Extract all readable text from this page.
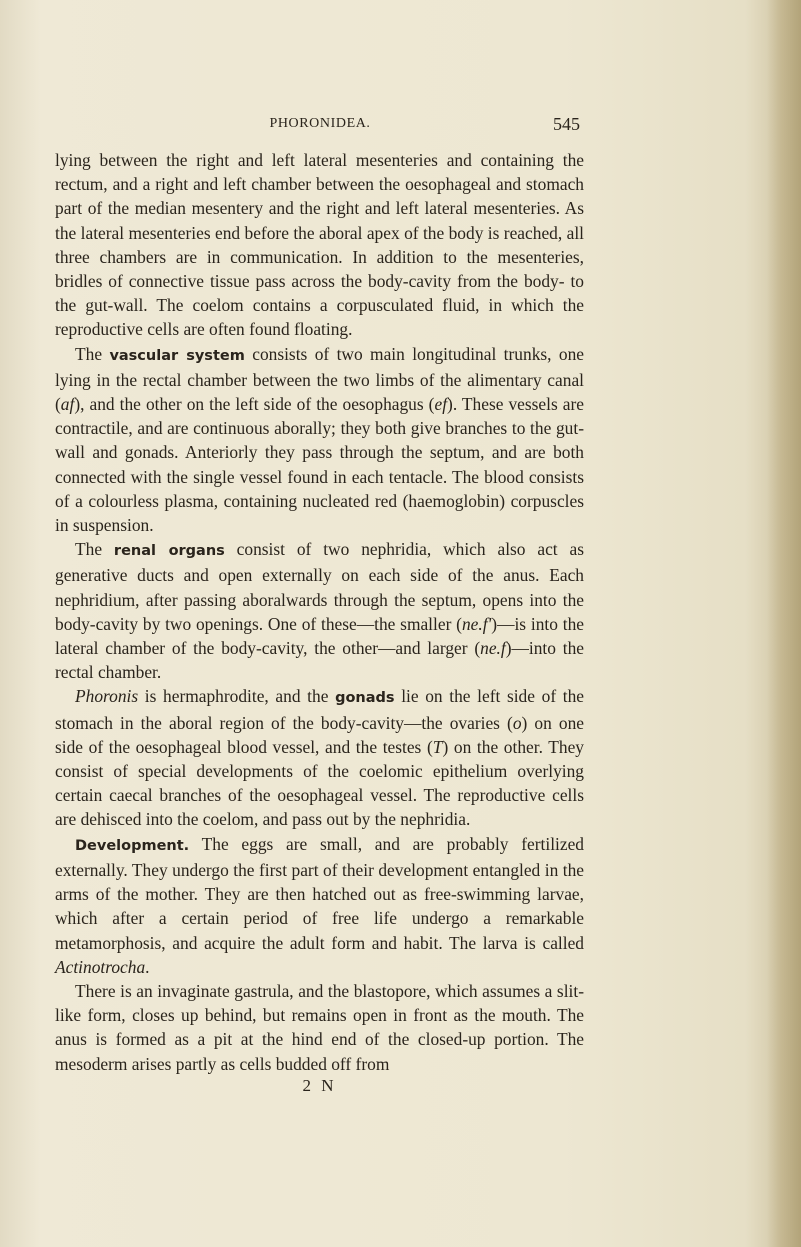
PHORONIDEA.	545

lying between the right and left lateral mesenteries and containing the rectum, and a right and left chamber between the oesophageal and stomach part of the median mesentery and the right and left lateral mesenteries. As the lateral mesenteries end before the aboral apex of the body is reached, all three chambers are in communication. In addition to the mesenteries, bridles of connective tissue pass across the body-cavity from the body- to the gut-wall. The coelom contains a corpusculated fluid, in which the reproductive cells are often found floating.

The vascular system consists of two main longitudinal trunks, one lying in the rectal chamber between the two limbs of the alimentary canal (af), and the other on the left side of the oesophagus (ef). These vessels are contractile, and are continuous aborally; they both give branches to the gut-wall and gonads. Anteriorly they pass through the septum, and are both connected with the single vessel found in each tentacle. The blood consists of a colourless plasma, containing nucleated red (haemoglobin) corpuscles in suspension.

The renal organs consist of two nephridia, which also act as generative ducts and open externally on each side of the anus. Each nephridium, after passing aboralwards through the septum, opens into the body-cavity by two openings. One of these—the smaller (ne.f')—is into the lateral chamber of the body-cavity, the other—and larger (ne.f)—into the rectal chamber.

Phoronis is hermaphrodite, and the gonads lie on the left side of the stomach in the aboral region of the body-cavity—the ovaries (o) on one side of the oesophageal blood vessel, and the testes (T) on the other. They consist of special developments of the coelomic epithelium overlying certain caecal branches of the oesophageal vessel. The reproductive cells are dehisced into the coelom, and pass out by the nephridia.

Development. The eggs are small, and are probably fertilized externally. They undergo the first part of their development entangled in the arms of the mother. They are then hatched out as free-swimming larvae, which after a certain period of free life undergo a remarkable metamorphosis, and acquire the adult form and habit. The larva is called Actinotrocha.

There is an invaginate gastrula, and the blastopore, which assumes a slit-like form, closes up behind, but remains open in front as the mouth. The anus is formed as a pit at the hind end of the closed-up portion. The mesoderm arises partly as cells budded off from

2 N
